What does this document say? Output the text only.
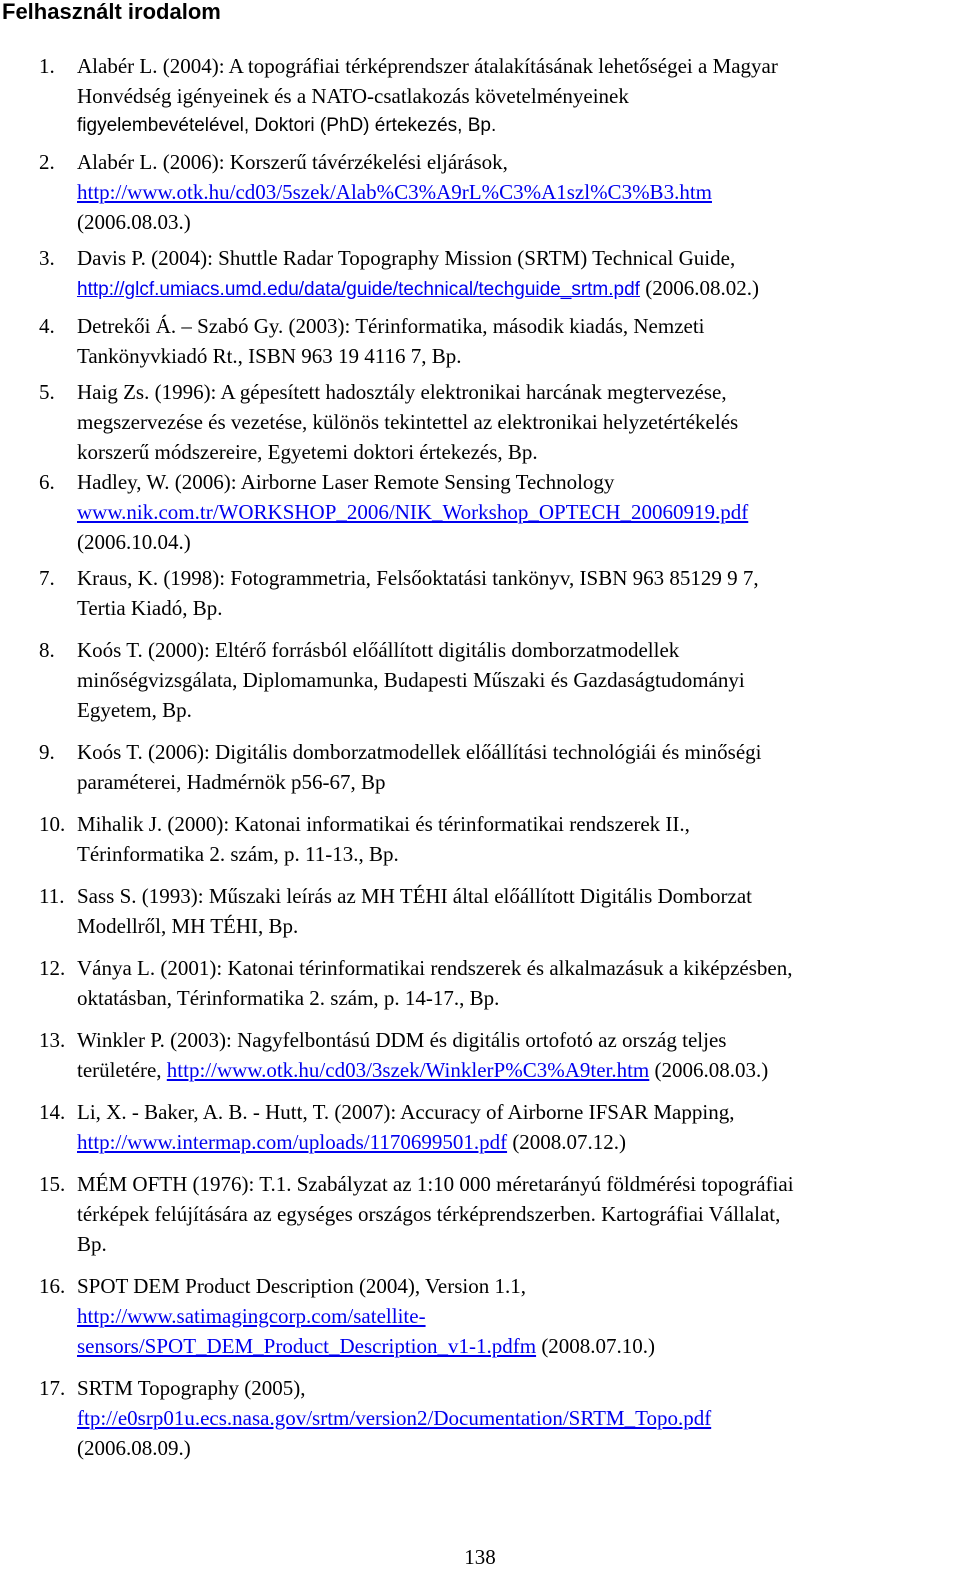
Felhasznált irodalom
1. Alabér L. (2004): A topográfiai térképrendszer átalakításának lehetőségei a Magyar
Honvédség igényeinek és a NATO-csatlakozás követelményeinek
figyelembevételével, Doktori (PhD) értekezés, Bp.
2. Alabér L. (2006): Korszerű távérzékelési eljárások,
http://www.otk.hu/cd03/5szek/Alab%C3%A9rL%C3%A1szl%C3%B3.htm
(2006.08.03.)
3. Davis P. (2004): Shuttle Radar Topography Mission (SRTM) Technical Guide,
http://glcf.umiacs.umd.edu/data/guide/technical/techguide_srtm.pdf (2006.08.02.)
4. Detrekői Á. – Szabó Gy. (2003): Térinformatika, második kiadás, Nemzeti
Tankönyvkiadó Rt., ISBN 963 19 4116 7, Bp.
5. Haig Zs. (1996): A gépesített hadosztály elektronikai harcának megtervezése,
megszervezése és vezetése, különös tekintettel az elektronikai helyzetértékelés
korszerű módszereire, Egyetemi doktori értekezés, Bp.
6. Hadley, W. (2006): Airborne Laser Remote Sensing Technology
www.nik.com.tr/WORKSHOP_2006/NIK_Workshop_OPTECH_20060919.pdf
(2006.10.04.)
7. Kraus, K. (1998): Fotogrammetria, Felsőoktatási tankönyv, ISBN 963 85129 9 7,
Tertia Kiadó, Bp.
8. Koós T. (2000): Eltérő forrásból előállított digitális domborzatmodellek
minőségvizsgálata, Diplomamunka, Budapesti Műszaki és Gazdaságtudományi
Egyetem, Bp.
9. Koós T. (2006): Digitális domborzatmodellek előállítási technológiái és minőségi
paraméterei, Hadmérnök p56-67, Bp
10. Mihalik J. (2000): Katonai informatikai és térinformatikai rendszerek II.,
Térinformatika 2. szám, p. 11-13., Bp.
11. Sass S. (1993): Műszaki leírás az MH TÉHI által előállított Digitális Domborzat
Modellről, MH TÉHI, Bp.
12. Ványa L. (2001): Katonai térinformatikai rendszerek és alkalmazásuk a kiképzésben,
oktatásban, Térinformatika 2. szám, p. 14-17., Bp.
13. Winkler P. (2003): Nagyfelbontású DDM és digitális ortofotó az ország teljes
területére, http://www.otk.hu/cd03/3szek/WinklerP%C3%A9ter.htm (2006.08.03.)
14. Li, X. - Baker, A. B. - Hutt, T. (2007): Accuracy of Airborne IFSAR Mapping,
http://www.intermap.com/uploads/1170699501.pdf (2008.07.12.)
15. MÉM OFTH (1976): T.1. Szabályzat az 1:10 000 méretarányú földmérési topográfiai
térképek felújítására az egységes országos térképrendszerben. Kartográfiai Vállalat,
Bp.
16. SPOT DEM Product Description (2004), Version 1.1,
http://www.satimagingcorp.com/satellite-
sensors/SPOT_DEM_Product_Description_v1-1.pdfm (2008.07.10.)
17. SRTM Topography (2005),
ftp://e0srp01u.ecs.nasa.gov/srtm/version2/Documentation/SRTM_Topo.pdf
(2006.08.09.)
138
